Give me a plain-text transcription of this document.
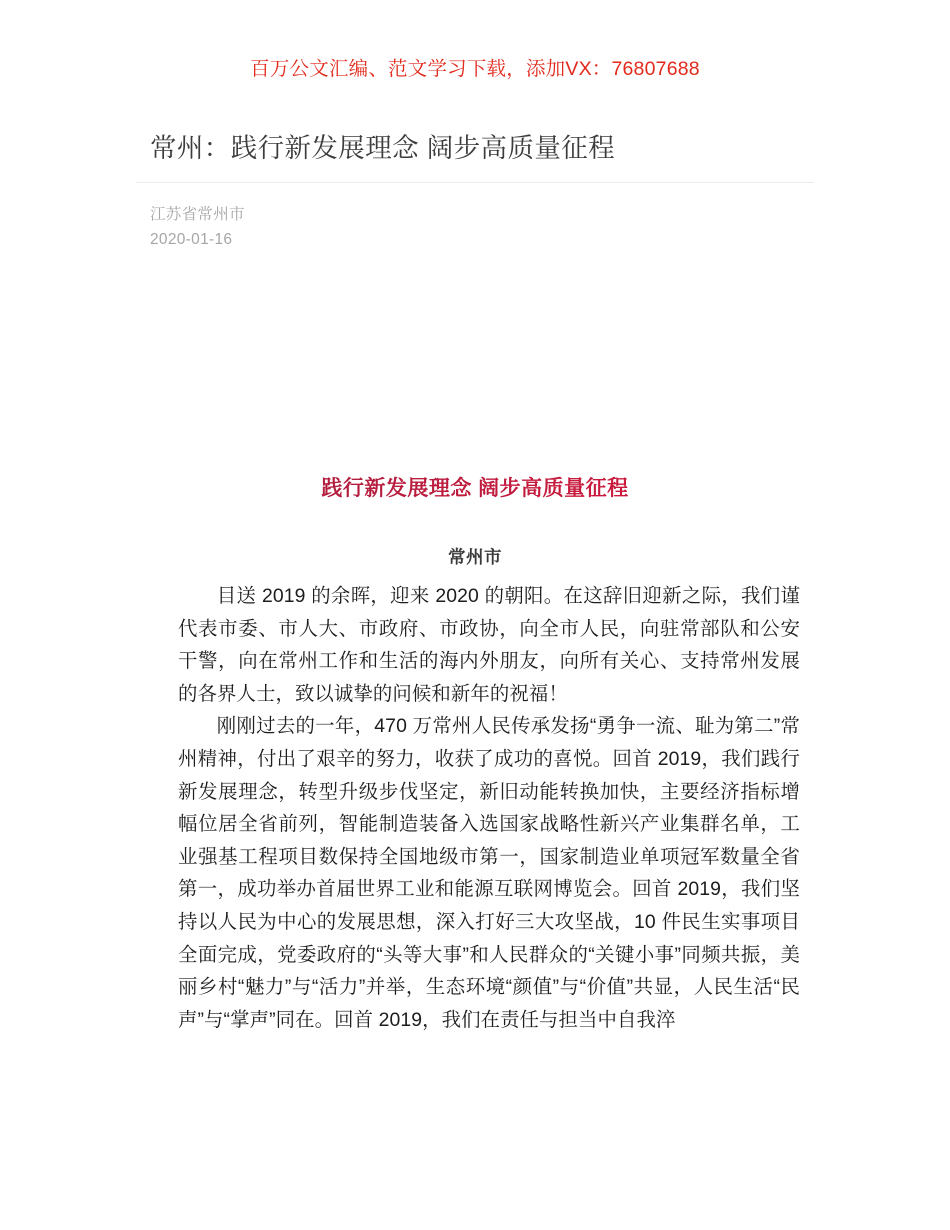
百万公文汇编、范文学习下载，添加VX：76807688
常州：践行新发展理念 阔步高质量征程
江苏省常州市
2020-01-16
践行新发展理念 阔步高质量征程
常州市

目送 2019 的余晖，迎来 2020 的朝阳。在这辞旧迎新之际，我们谨代表市委、市人大、市政府、市政协，向全市人民，向驻常部队和公安干警，向在常州工作和生活的海内外朋友，向所有关心、支持常州发展的各界人士，致以诚挚的问候和新年的祝福！

刚刚过去的一年，470 万常州人民传承发扬“勇争一流、耻为第二”常州精神，付出了艰辛的努力，收获了成功的喜悦。回首 2019，我们践行新发展理念，转型升级步伐坚定，新旧动能转换加快，主要经济指标增幅位居全省前列，智能制造装备入选国家战略性新兴产业集群名单，工业强基工程项目数保持全国地级市第一，国家制造业单项冠军数量全省第一，成功举办首届世界工业和能源互联网博览会。回首 2019，我们坚持以人民为中心的发展思想，深入打好三大攻坚战，10 件民生实事项目全面完成，党委政府的“头等大事”和人民群众的“关键小事”同频共振，美丽乡村“魅力”与“活力”并举，生态环境“颜值”与“价值”共显，人民生活“民声”与“掌声”同在。回首 2019，我们在责任与担当中自我淬
